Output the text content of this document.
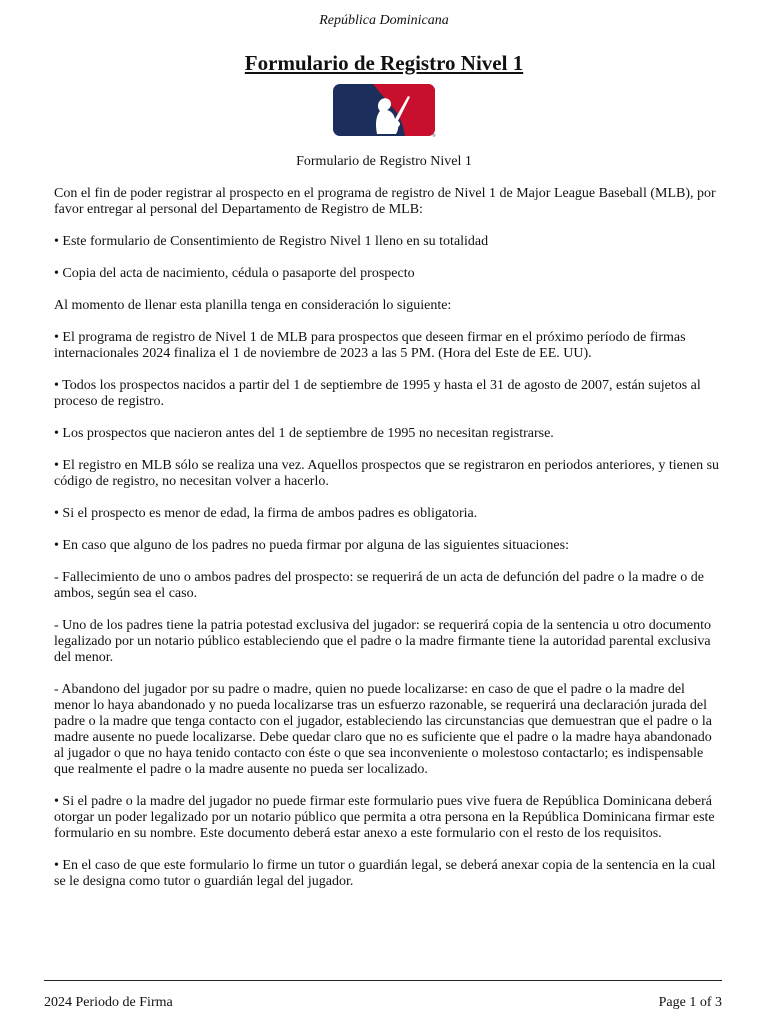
República Dominicana
Formulario de Registro Nivel 1
®
Formulario de Registro Nivel 1

Con el fin de poder registrar al prospecto en el programa de registro de Nivel 1 de Major League Baseball (MLB), por favor entregar al personal del Departamento de Registro de MLB:

• Este formulario de Consentimiento de Registro Nivel 1 lleno en su totalidad

• Copia del acta de nacimiento, cédula o pasaporte del prospecto

Al momento de llenar esta planilla tenga en consideración lo siguiente:

• El programa de registro de Nivel 1 de MLB para prospectos que deseen firmar en el próximo período de firmas internacionales 2024 finaliza el 1 de noviembre de 2023 a las 5 PM. (Hora del Este de EE. UU).

• Todos los prospectos nacidos a partir del 1 de septiembre de 1995 y hasta el 31 de agosto de 2007, están sujetos al proceso de registro.

• Los prospectos que nacieron antes del 1 de septiembre de 1995 no necesitan registrarse.

• El registro en MLB sólo se realiza una vez. Aquellos prospectos que se registraron en periodos anteriores, y tienen su código de registro, no necesitan volver a hacerlo.

• Si el prospecto es menor de edad, la firma de ambos padres es obligatoria.

• En caso que alguno de los padres no pueda firmar por alguna de las siguientes situaciones:

- Fallecimiento de uno o ambos padres del prospecto: se requerirá de un acta de defunción del padre o la madre o de ambos, según sea el caso.

- Uno de los padres tiene la patria potestad exclusiva del jugador: se requerirá copia de la sentencia u otro documento legalizado por un notario público estableciendo que el padre o la madre firmante tiene la autoridad parental exclusiva del menor.

- Abandono del jugador por su padre o madre, quien no puede localizarse: en caso de que el padre o la madre del menor lo haya abandonado y no pueda localizarse tras un esfuerzo razonable, se requerirá una declaración jurada del padre o la madre que tenga contacto con el jugador, estableciendo las circunstancias que demuestran que el padre o la madre ausente no puede localizarse. Debe quedar claro que no es suficiente que el padre o la madre haya abandonado al jugador o que no haya tenido contacto con éste o que sea inconveniente o molestoso contactarlo; es indispensable que realmente el padre o la madre ausente no pueda ser localizado.

• Si el padre o la madre del jugador no puede firmar este formulario pues vive fuera de República Dominicana deberá otorgar un poder legalizado por un notario público que permita a otra persona en la República Dominicana firmar este formulario en su nombre. Este documento deberá estar anexo a este formulario con el resto de los requisitos.

• En el caso de que este formulario lo firme un tutor o guardián legal, se deberá anexar copia de la sentencia en la cual se le designa como tutor o guardián legal del jugador.

2024 Periodo de Firma	Page 1 of 3
